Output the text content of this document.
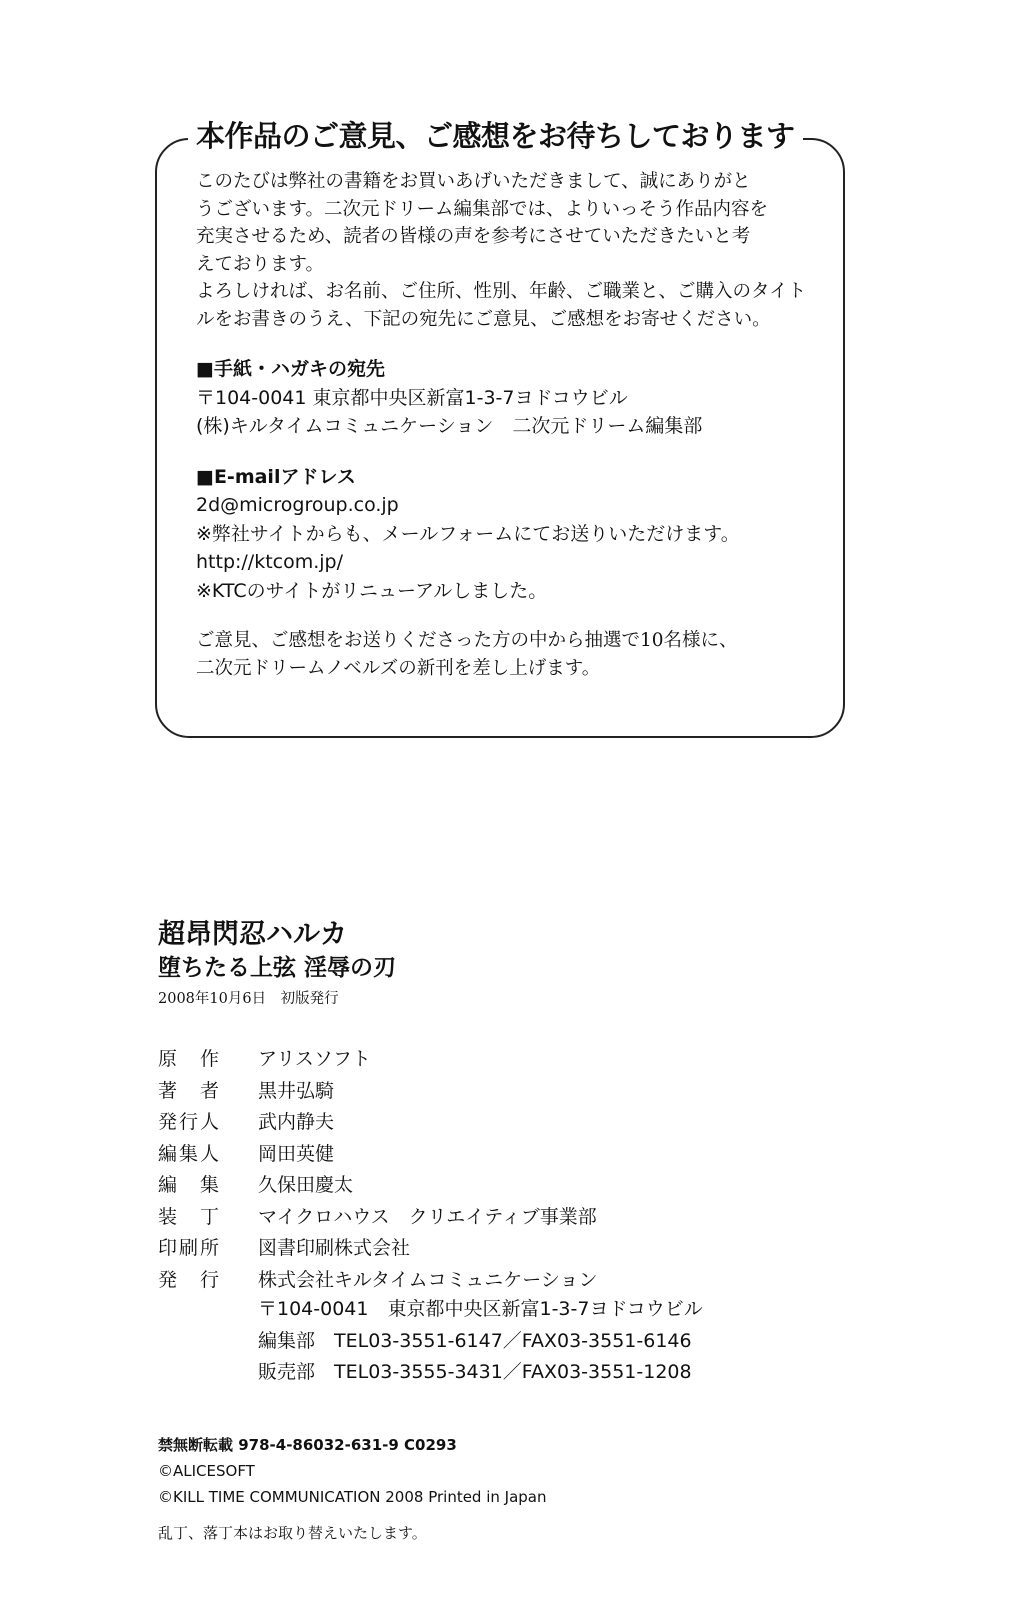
本作品のご意見、ご感想をお待ちしております
このたびは弊社の書籍をお買いあげいただきまして、誠にありがと
うございます。二次元ドリーム編集部では、よりいっそう作品内容を
充実させるため、読者の皆様の声を参考にさせていただきたいと考
えております。
よろしければ、お名前、ご住所、性別、年齢、ご職業と、ご購入のタイト
ルをお書きのうえ、下記の宛先にご意見、ご感想をお寄せください。
■手紙・ハガキの宛先
〒104-0041 東京都中央区新富1-3-7ヨドコウビル
(株)キルタイムコミュニケーション　二次元ドリーム編集部
■E-mailアドレス
2d@microgroup.co.jp
※弊社サイトからも、メールフォームにてお送りいただけます。
http://ktcom.jp/
※KTCのサイトがリニューアルしました。
ご意見、ご感想をお送りくださった方の中から抽選で10名様に、
二次元ドリームノベルズの新刊を差し上げます。
超昂閃忍ハルカ
堕ちたる上弦 淫辱の刃
2008年10月6日　初版発行
原　作	アリスソフト
著　者	黒井弘騎
発行人	武内静夫
編集人	岡田英健
編　集	久保田慶太
装　丁	マイクロハウス　クリエイティブ事業部
印刷所	図書印刷株式会社
発　行	株式会社キルタイムコミュニケーション
〒104-0041　東京都中央区新富1-3-7ヨドコウビル
編集部　TEL03-3551-6147／FAX03-3551-6146
販売部　TEL03-3555-3431／FAX03-3551-1208
禁無断転載 978-4-86032-631-9 C0293
©ALICESOFT
©KILL TIME COMMUNICATION 2008 Printed in Japan
乱丁、落丁本はお取り替えいたします。
